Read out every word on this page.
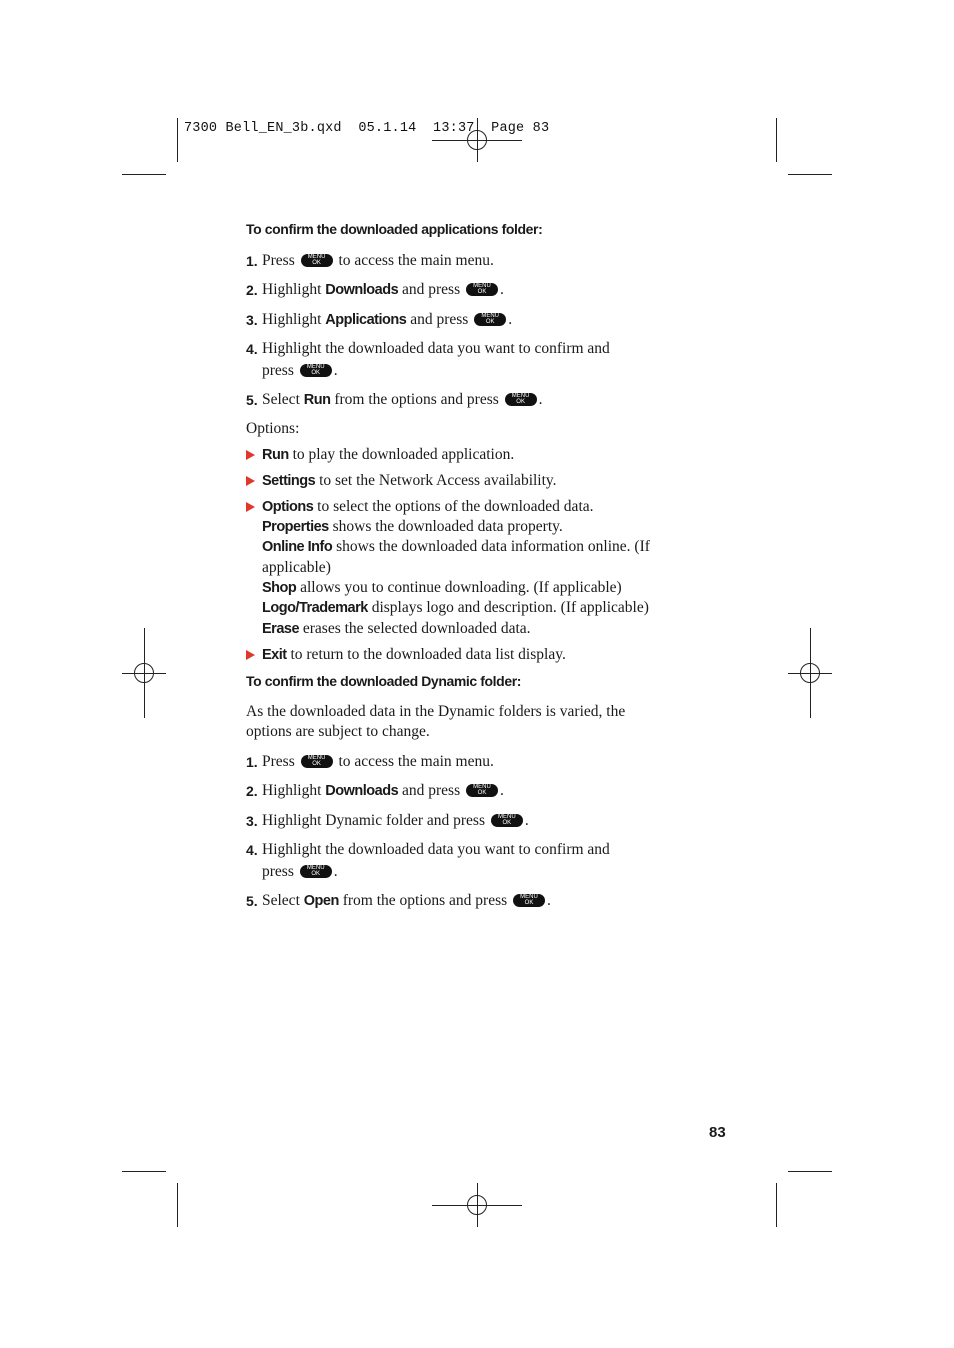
7300 Bell_EN_3b.qxd  05.1.14  13:37  Page 83
To confirm the downloaded applications folder:
1. Press	MENU
OK	to access the main menu.
2. Highlight Downloads and press	MENU
OK .
3. Highlight Applications and press	MENU
OK .
4. Highlight the downloaded data you want to confirm and
press	MENU
OK .
5. Select Run from the options and press	MENU
OK .
Options:
Run to play the downloaded application.
Settings to set the Network Access availability.
Options to select the options of the downloaded data.
Properties shows the downloaded data property.
Online Info shows the downloaded data information online. (If
applicable)
Shop allows you to continue downloading. (If applicable)
Logo/Trademark displays logo and description. (If applicable)
Erase erases the selected downloaded data.
Exit to return to the downloaded data list display.
To confirm the downloaded Dynamic folder:
As the downloaded data in the Dynamic folders is varied, the
options are subject to change.
1. Press	MENU
OK	to access the main menu.
2. Highlight Downloads and press	MENU
OK .
3. Highlight Dynamic folder and press	MENU
OK .
4. Highlight the downloaded data you want to confirm and
press	MENU
OK .
5. Select Open from the options and press	MENU
OK .
83
